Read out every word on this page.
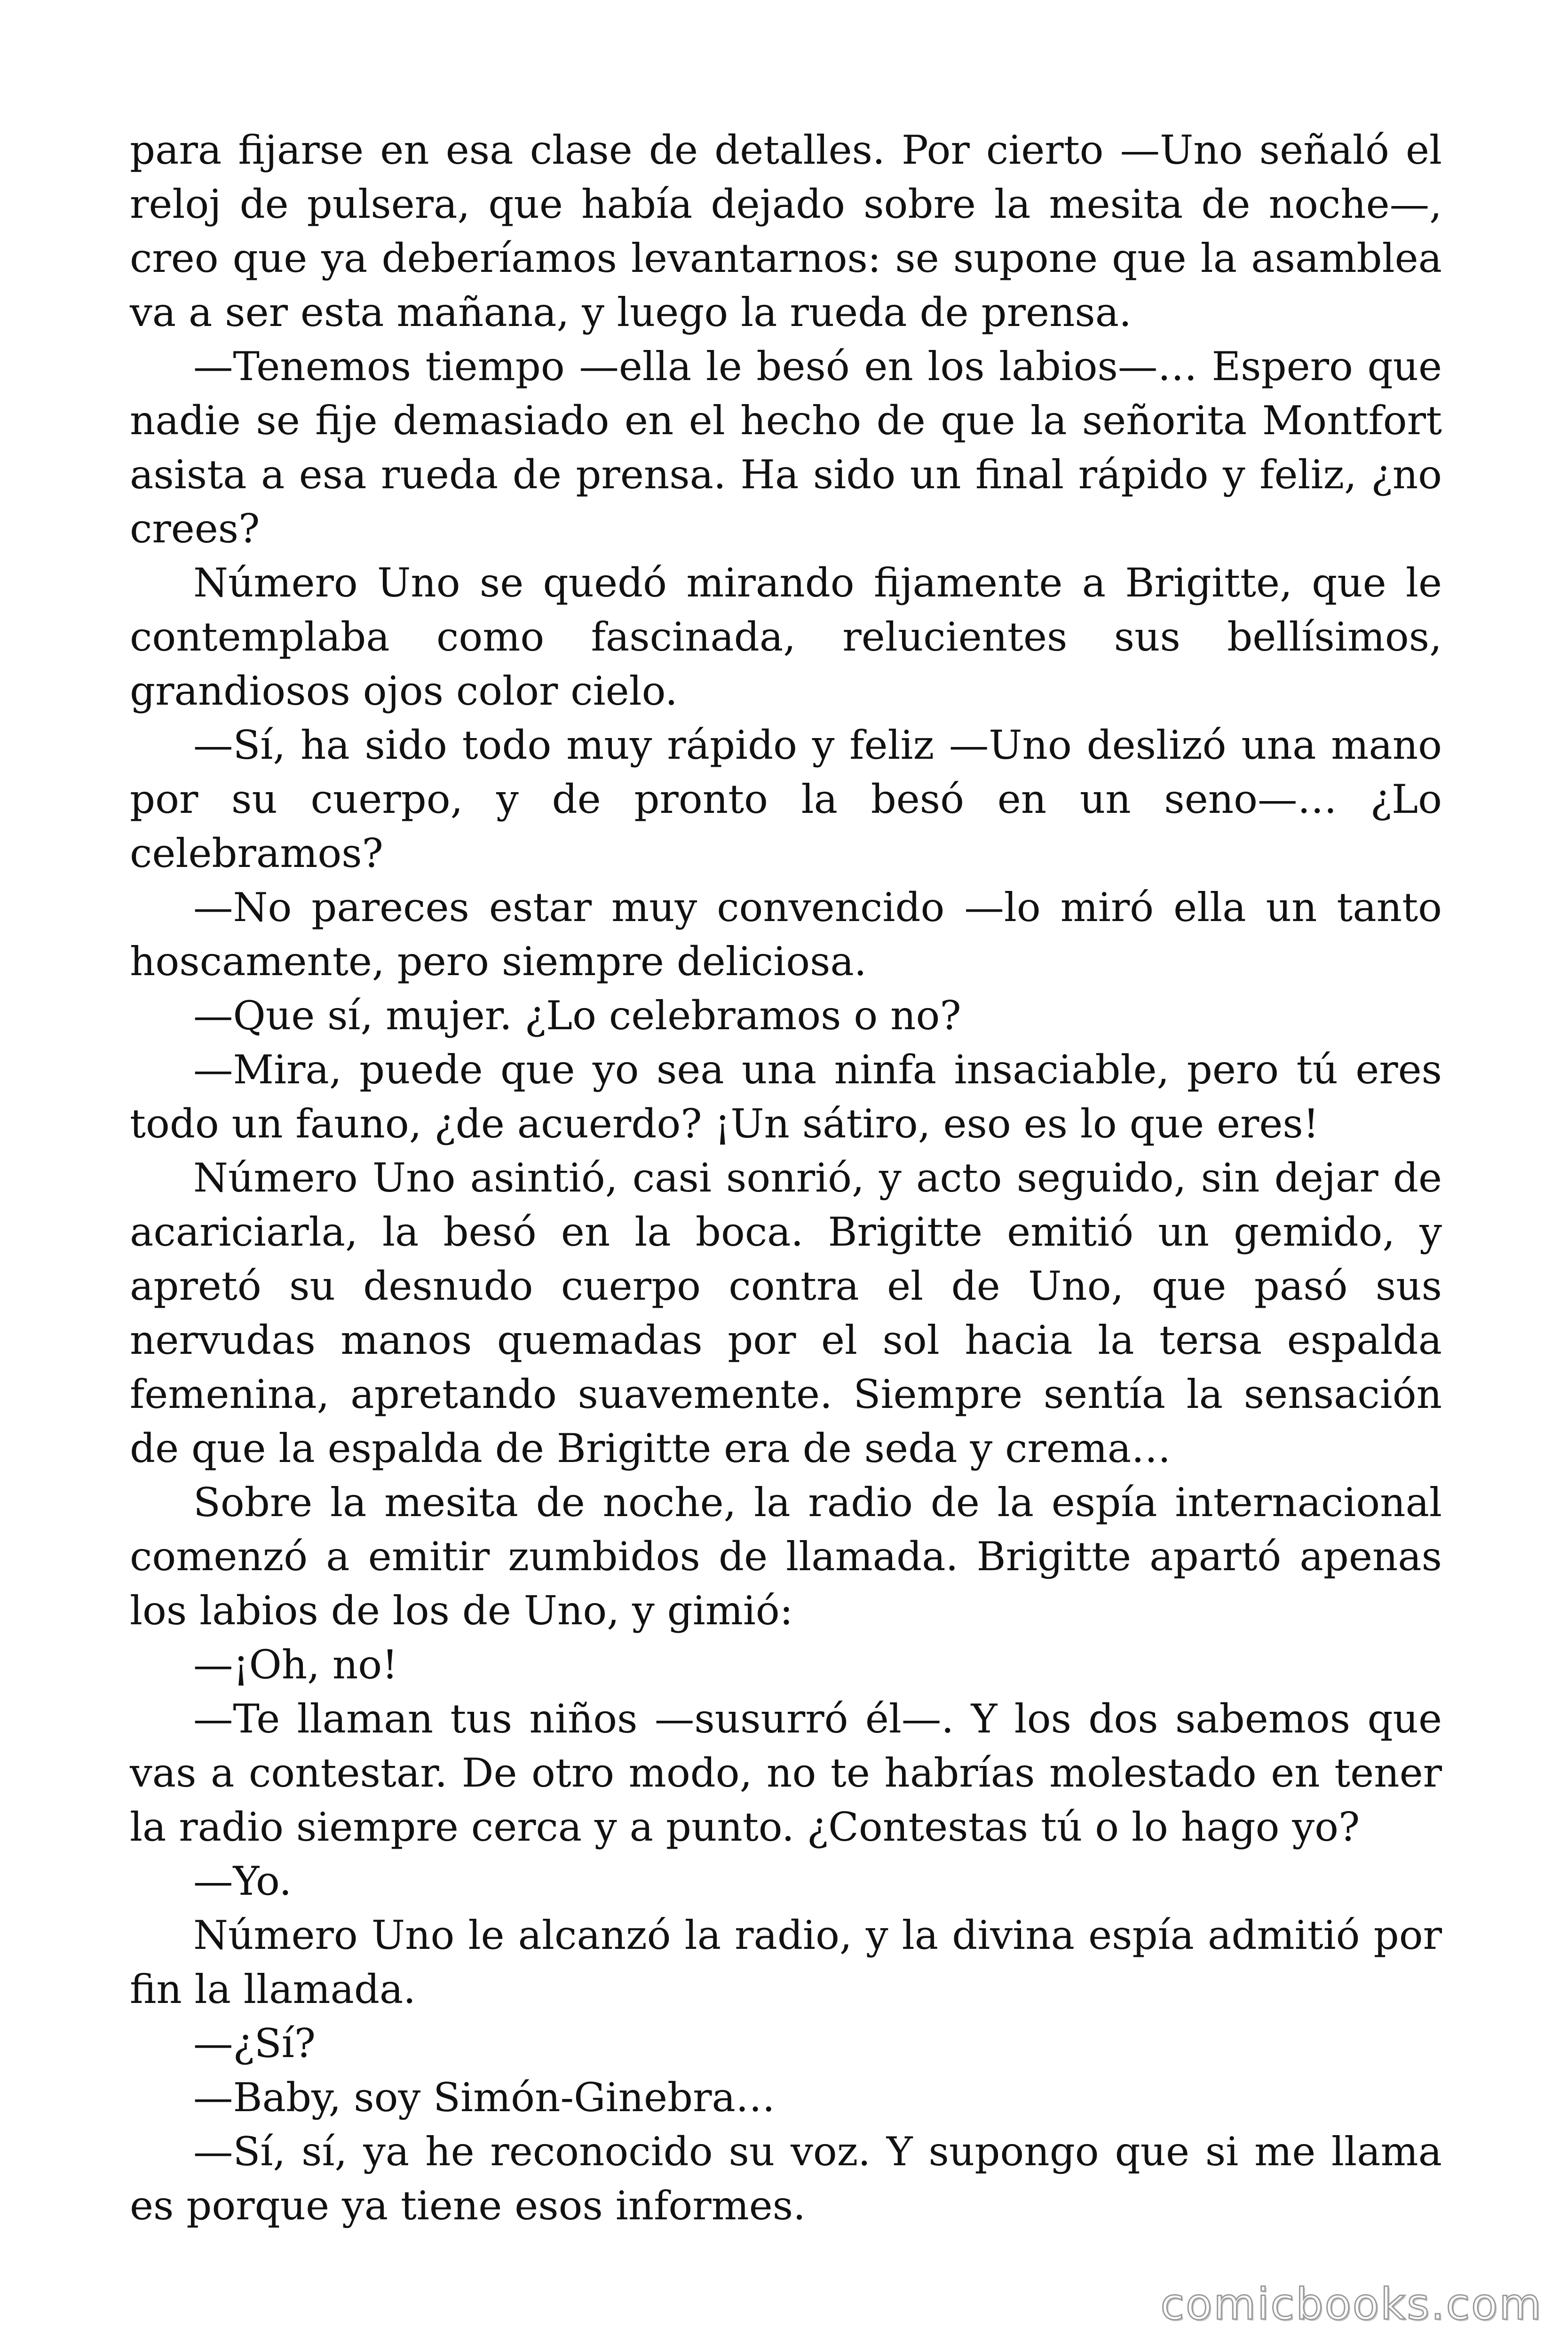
para fijarse en esa clase de detalles. Por cierto —Uno señaló el reloj de pulsera, que había dejado sobre la mesita de noche—, creo que ya deberíamos levantarnos: se supone que la asamblea va a ser esta mañana, y luego la rueda de prensa.

—Tenemos tiempo —ella le besó en los labios—… Espero que nadie se fije demasiado en el hecho de que la señorita Montfort asista a esa rueda de prensa. Ha sido un final rápido y feliz, ¿no crees?

Número Uno se quedó mirando fijamente a Brigitte, que le contemplaba como fascinada, relucientes sus bellísimos, grandiosos ojos color cielo.

—Sí, ha sido todo muy rápido y feliz —Uno deslizó una mano por su cuerpo, y de pronto la besó en un seno—… ¿Lo celebramos?

—No pareces estar muy convencido —lo miró ella un tanto hoscamente, pero siempre deliciosa.

—Que sí, mujer. ¿Lo celebramos o no?

—Mira, puede que yo sea una ninfa insaciable, pero tú eres todo un fauno, ¿de acuerdo? ¡Un sátiro, eso es lo que eres!

Número Uno asintió, casi sonrió, y acto seguido, sin dejar de acariciarla, la besó en la boca. Brigitte emitió un gemido, y apretó su desnudo cuerpo contra el de Uno, que pasó sus nervudas manos quemadas por el sol hacia la tersa espalda femenina, apretando suavemente. Siempre sentía la sensación de que la espalda de Brigitte era de seda y crema…

Sobre la mesita de noche, la radio de la espía internacional comenzó a emitir zumbidos de llamada. Brigitte apartó apenas los labios de los de Uno, y gimió:

—¡Oh, no!

—Te llaman tus niños —susurró él—. Y los dos sabemos que vas a contestar. De otro modo, no te habrías molestado en tener la radio siempre cerca y a punto. ¿Contestas tú o lo hago yo?

—Yo.

Número Uno le alcanzó la radio, y la divina espía admitió por fin la llamada.

—¿Sí?

—Baby, soy Simón-Ginebra…

—Sí, sí, ya he reconocido su voz. Y supongo que si me llama es porque ya tiene esos informes.

comicbooks.com
